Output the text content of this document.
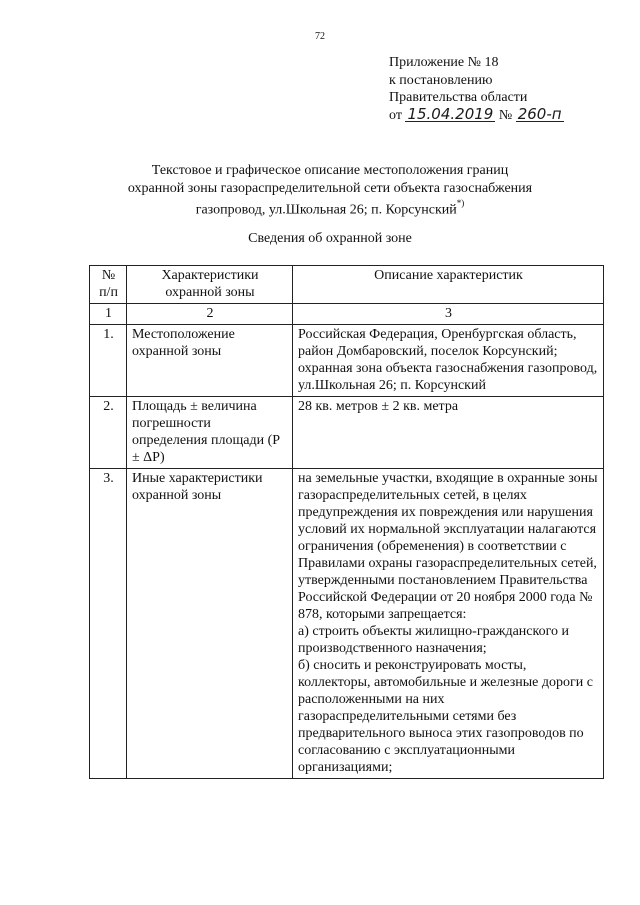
72
Приложение № 18
к постановлению
Правительства области
от 15.04.2019 № 260-п
Текстовое и графическое описание местоположения границ
охранной зоны газораспределительной сети объекта газоснабжения
газопровод, ул.Школьная 26; п. Корсунский*)
Сведения об охранной зоне
№ п/п	Характеристики охранной зоны	Описание характеристик
1	2	3
1.	Местоположение охранной зоны	Российская Федерация, Оренбургская область, район Домбаровский, поселок Корсунский; охранная зона объекта газоснабжения газопровод, ул.Школьная 26; п. Корсунский
2.	Площадь ± величина погрешности определения площади (P ± ΔP)	28 кв. метров ± 2 кв. метра
3.	Иные характеристики охранной зоны	на земельные участки, входящие в охранные зоны газораспределительных сетей, в целях предупреждения их повреждения или нарушения условий их нормальной эксплуатации налагаются ограничения (обременения) в соответствии с Правилами охраны газораспределительных сетей, утвержденными постановлением Правительства Российской Федерации от 20 ноября 2000 года № 878, которыми запрещается:
а) строить объекты жилищно-гражданского и производственного назначения;
б) сносить и реконструировать мосты, коллекторы, автомобильные и железные дороги с расположенными на них газораспределительными сетями без предварительного выноса этих газопроводов по согласованию с эксплуатационными организациями;
